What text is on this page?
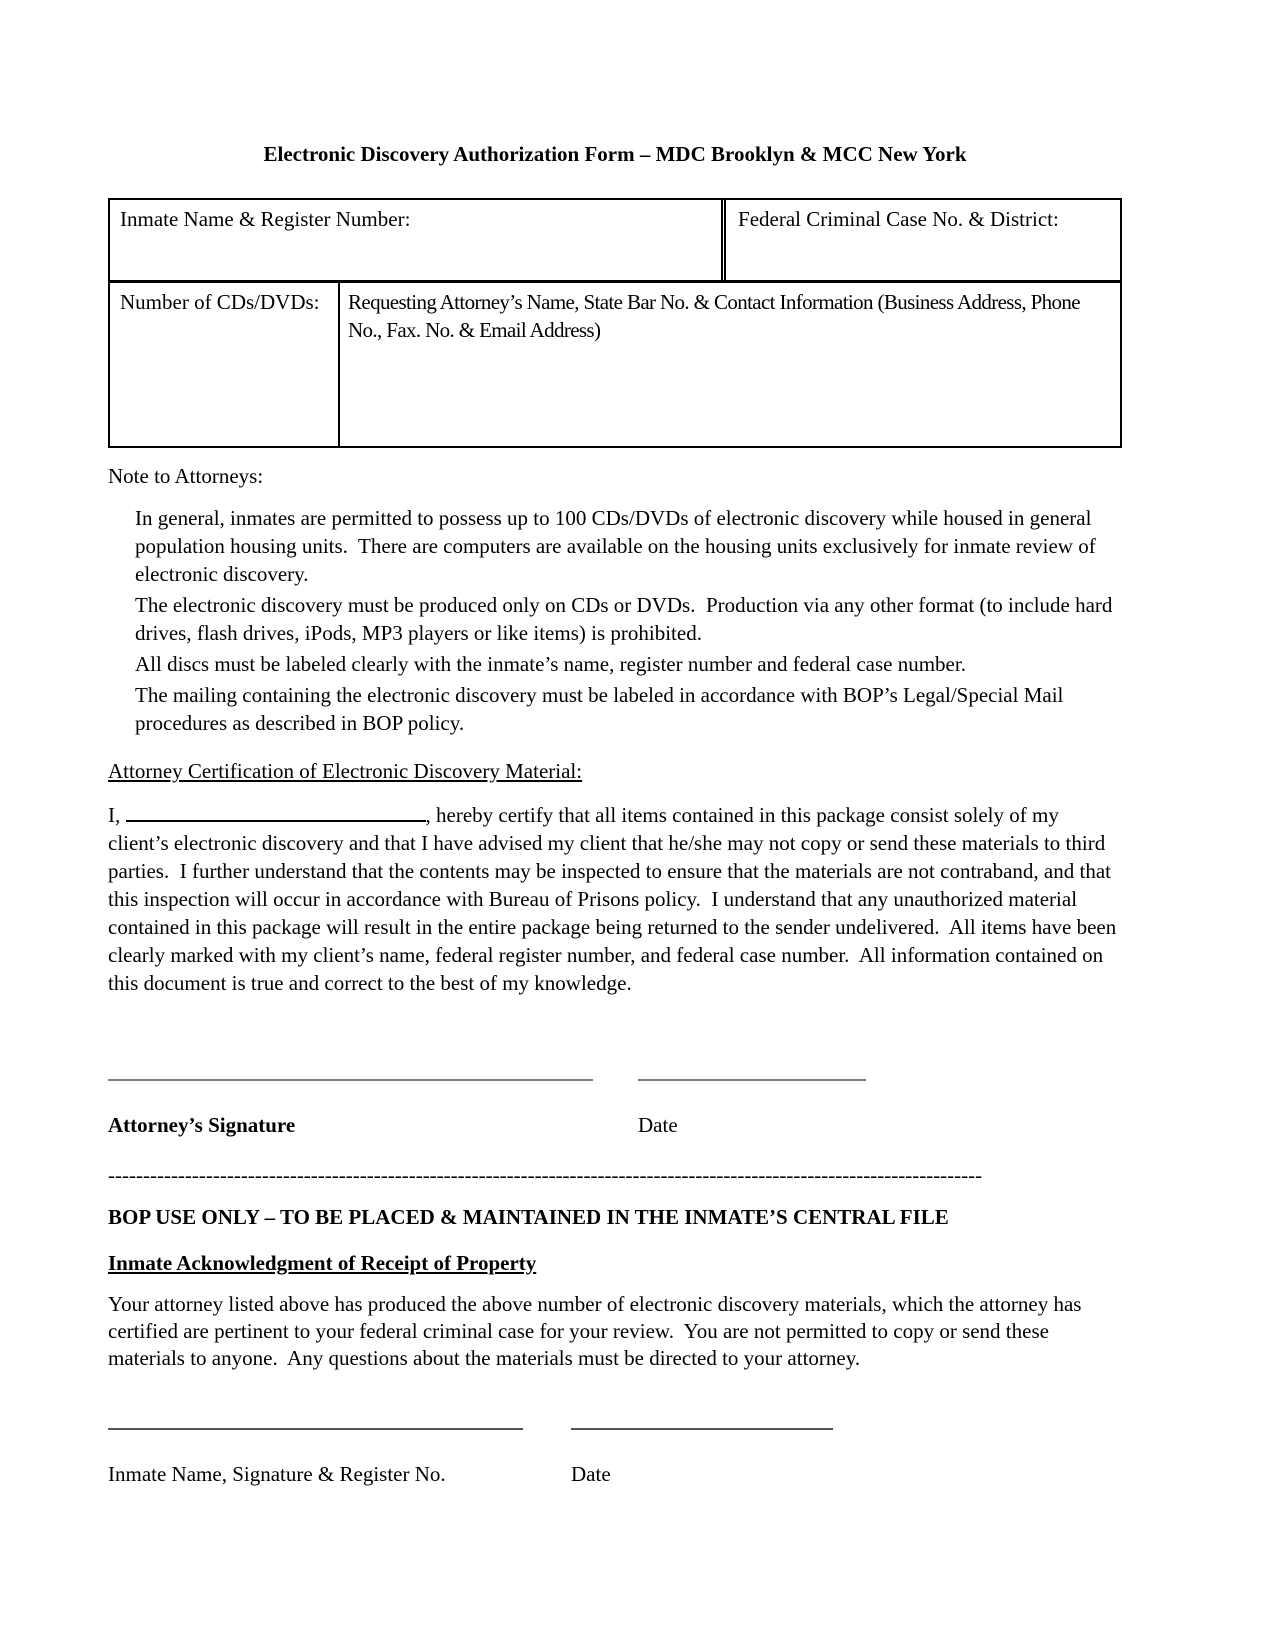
Electronic Discovery Authorization Form – MDC Brooklyn & MCC New York
Inmate Name & Register Number:	Federal Criminal Case No. & District:
Number of CDs/DVDs:	Requesting Attorney’s Name, State Bar No. & Contact Information (Business Address, Phone No., Fax. No. & Email Address)
Note to Attorneys:

In general, inmates are permitted to possess up to 100 CDs/DVDs of electronic discovery while housed in general population housing units.  There are computers are available on the housing units exclusively for inmate review of electronic discovery.

The electronic discovery must be produced only on CDs or DVDs.  Production via any other format (to include hard drives, flash drives, iPods, MP3 players or like items) is prohibited.

All discs must be labeled clearly with the inmate’s name, register number and federal case number.

The mailing containing the electronic discovery must be labeled in accordance with BOP’s Legal/Special Mail procedures as described in BOP policy.

Attorney Certification of Electronic Discovery Material:

I,	, hereby certify that all items contained in this package consist solely of my client’s electronic discovery and that I have advised my client that he/she may not copy or send these materials to third parties.  I further understand that the contents may be inspected to ensure that the materials are not contraband, and that this inspection will occur in accordance with Bureau of Prisons policy.  I understand that any unauthorized material contained in this package will result in the entire package being returned to the sender undelivered.  All items have been clearly marked with my client’s name, federal register number, and federal case number.  All information contained on this document is true and correct to the best of my knowledge.

Attorney’s Signature	Date
-----------------------------------------------------------------------------------------------------------------------------
BOP USE ONLY – TO BE PLACED & MAINTAINED IN THE INMATE’S CENTRAL FILE
Inmate Acknowledgment of Receipt of Property

Your attorney listed above has produced the above number of electronic discovery materials, which the attorney has certified are pertinent to your federal criminal case for your review.  You are not permitted to copy or send these materials to anyone.  Any questions about the materials must be directed to your attorney.

Inmate Name, Signature & Register No.	Date
